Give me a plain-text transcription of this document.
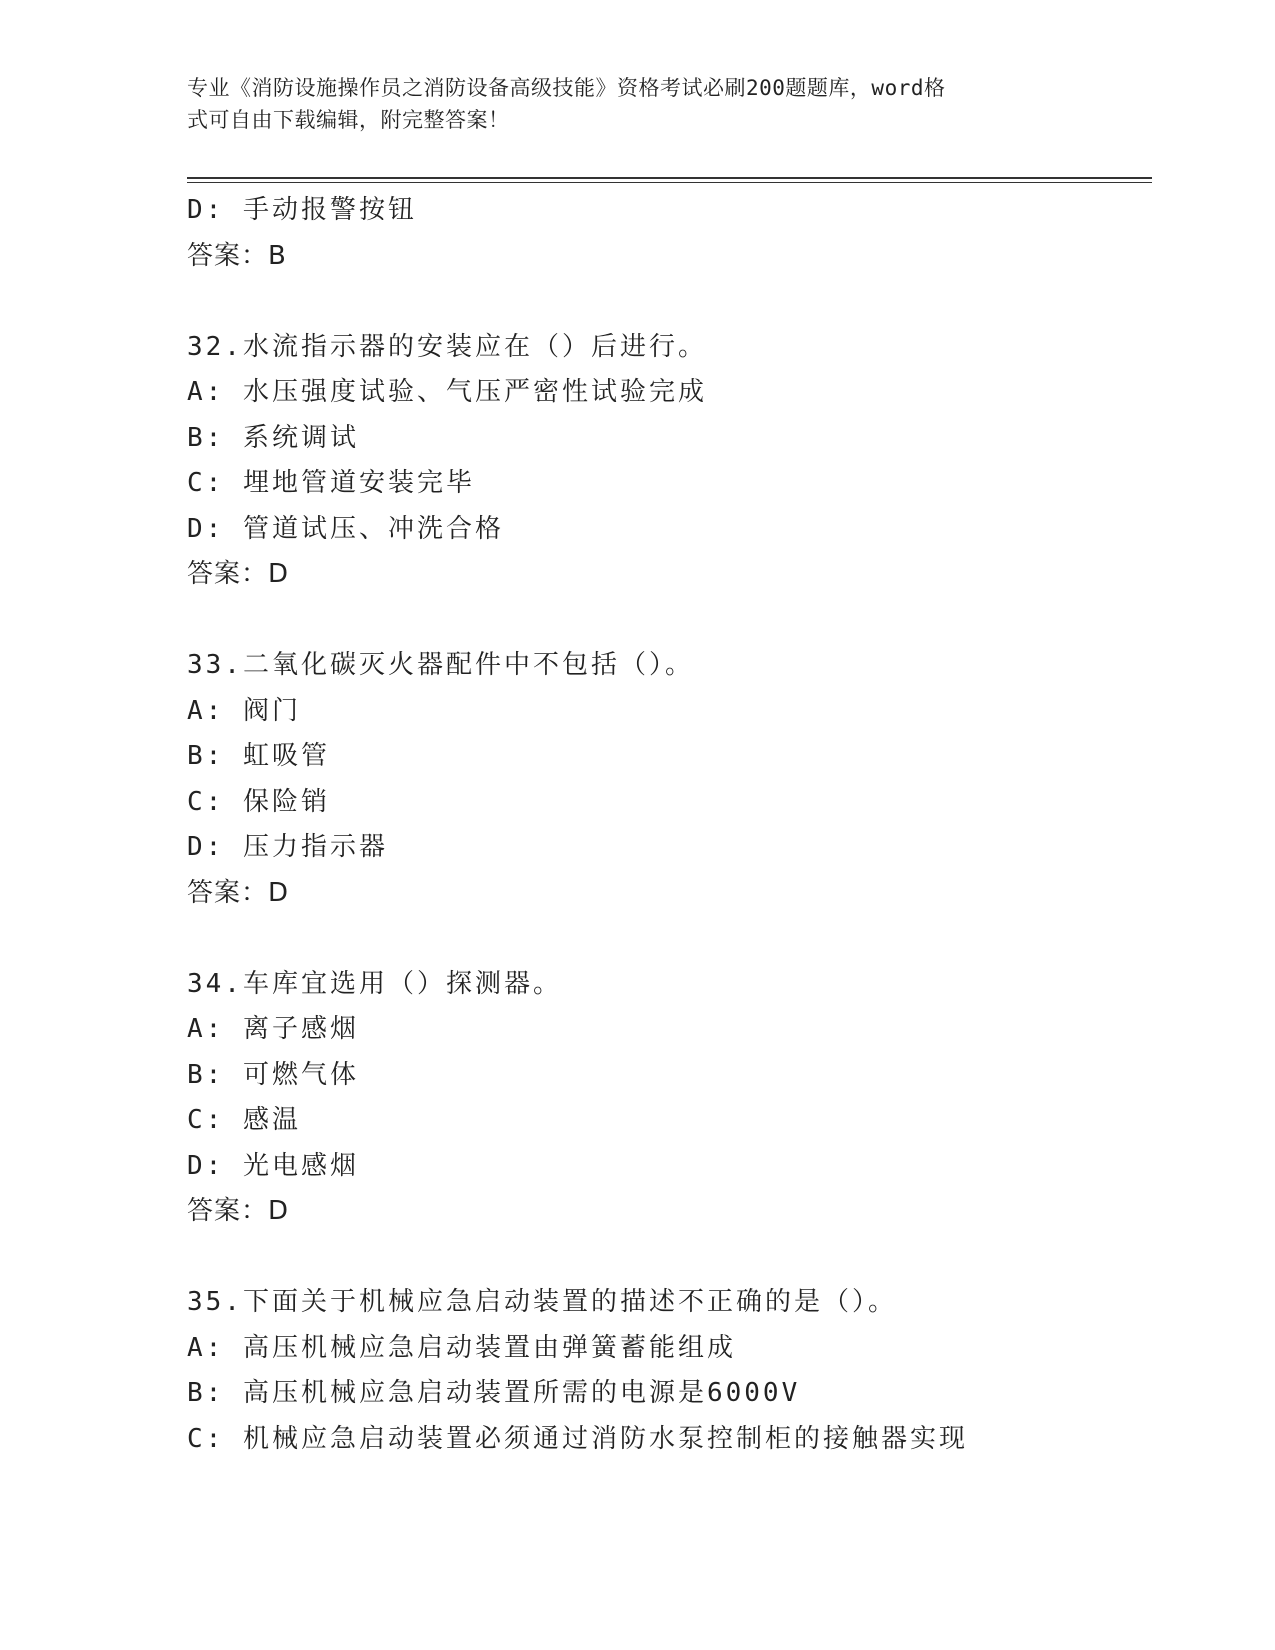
专业《消防设施操作员之消防设备高级技能》资格考试必刷200题题库，word格
式可自由下载编辑，附完整答案！
D: 手动报警按钮
答案：B
32.水流指示器的安装应在（）后进行。
A: 水压强度试验、气压严密性试验完成
B: 系统调试
C: 埋地管道安装完毕
D: 管道试压、冲洗合格
答案：D
33.二氧化碳灭火器配件中不包括（）。
A: 阀门
B: 虹吸管
C: 保险销
D: 压力指示器
答案：D
34.车库宜选用（）探测器。
A: 离子感烟
B: 可燃气体
C: 感温
D: 光电感烟
答案：D
35.下面关于机械应急启动装置的描述不正确的是（）。
A: 高压机械应急启动装置由弹簧蓄能组成
B: 高压机械应急启动装置所需的电源是6000V
C: 机械应急启动装置必须通过消防水泵控制柜的接触器实现
